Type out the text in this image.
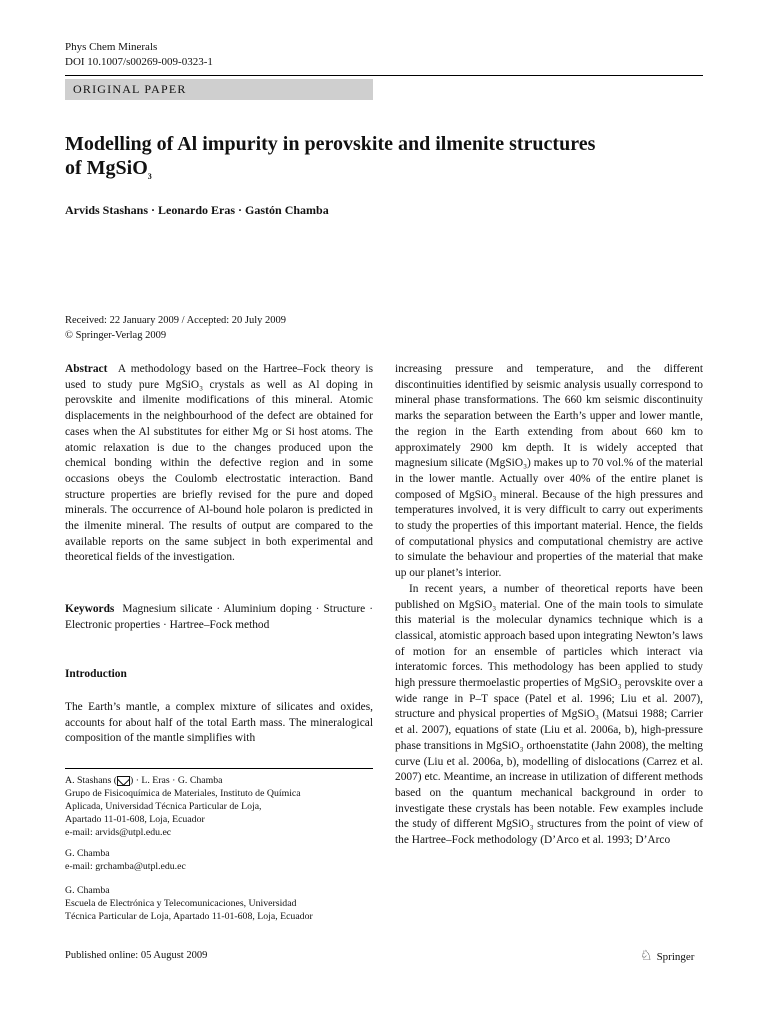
Phys Chem Minerals
DOI 10.1007/s00269-009-0323-1
ORIGINAL PAPER
Modelling of Al impurity in perovskite and ilmenite structures
of MgSiO$_3$
Arvids Stashans · Leonardo Eras · Gastón Chamba
Received: 22 January 2009 / Accepted: 20 July 2009
© Springer-Verlag 2009
Abstract A methodology based on the Hartree–Fock theory is used to study pure MgSiO₃ crystals as well as Al doping in perovskite and ilmenite modifications of this mineral. Atomic displacements in the neighbourhood of the defect are obtained for cases when the Al substitutes for either Mg or Si host atoms. The atomic relaxation is due to the changes produced upon the chemical bonding within the defective region and in some occasions obeys the Coulomb electrostatic interaction. Band structure properties are briefly revised for the pure and doped minerals. The occurrence of Al-bound hole polaron is predicted in the ilmenite mineral. The results of output are compared to the available reports on the same subject in both experimental and theoretical fields of the investigation.
Keywords Magnesium silicate · Aluminium doping · Structure · Electronic properties · Hartree–Fock method
Introduction
The Earth’s mantle, a complex mixture of silicates and oxides, accounts for about half of the total Earth mass. The mineralogical composition of the mantle simplifies with
A. Stashans ( ) · L. Eras · G. Chamba
Grupo de Fisicoquímica de Materiales, Instituto de Química
Aplicada, Universidad Técnica Particular de Loja,
Apartado 11-01-608, Loja, Ecuador
e-mail: arvids@utpl.edu.ec
G. Chamba
e-mail: grchamba@utpl.edu.ec
G. Chamba
Escuela de Electrónica y Telecomunicaciones, Universidad
Técnica Particular de Loja, Apartado 11-01-608, Loja, Ecuador

increasing pressure and temperature, and the different discontinuities identified by seismic analysis usually correspond to mineral phase transformations. The 660 km seismic discontinuity marks the separation between the Earth’s upper and lower mantle, the region in the Earth extending from about 660 km to approximately 2900 km depth. It is widely accepted that magnesium silicate (MgSiO₃) makes up to 70 vol.% of the material in the lower mantle. Actually over 40% of the entire planet is composed of MgSiO₃ mineral. Because of the high pressures and temperatures involved, it is very difficult to carry out experiments to study the properties of this important material. Hence, the fields of computational physics and computational chemistry are active to simulate the behaviour and properties of the material that make up our planet’s interior.

In recent years, a number of theoretical reports have been published on MgSiO₃ material. One of the main tools to simulate this material is the molecular dynamics technique which is a classical, atomistic approach based upon integrating Newton’s laws of motion for an ensemble of particles which interact via interatomic forces. This methodology has been applied to study high pressure thermoelastic properties of MgSiO₃ perovskite over a wide range in P–T space (Patel et al. 1996; Liu et al. 2007), structure and physical properties of MgSiO₃ (Matsui 1988; Carrier et al. 2007), equations of state (Liu et al. 2006a, b), high-pressure phase transitions in MgSiO₃ orthoenstatite (Jahn 2008), the melting curve (Liu et al. 2006a, b), modelling of dislocations (Carrez et al. 2007) etc. Meantime, an increase in utilization of different methods based on the quantum mechanical background in order to investigate these crystals has been notable. Few examples include the study of different MgSiO₃ structures from the point of view of the Hartree–Fock methodology (D’Arco et al. 1993; D’Arco

Published online: 05 August 2009	♘ Springer
